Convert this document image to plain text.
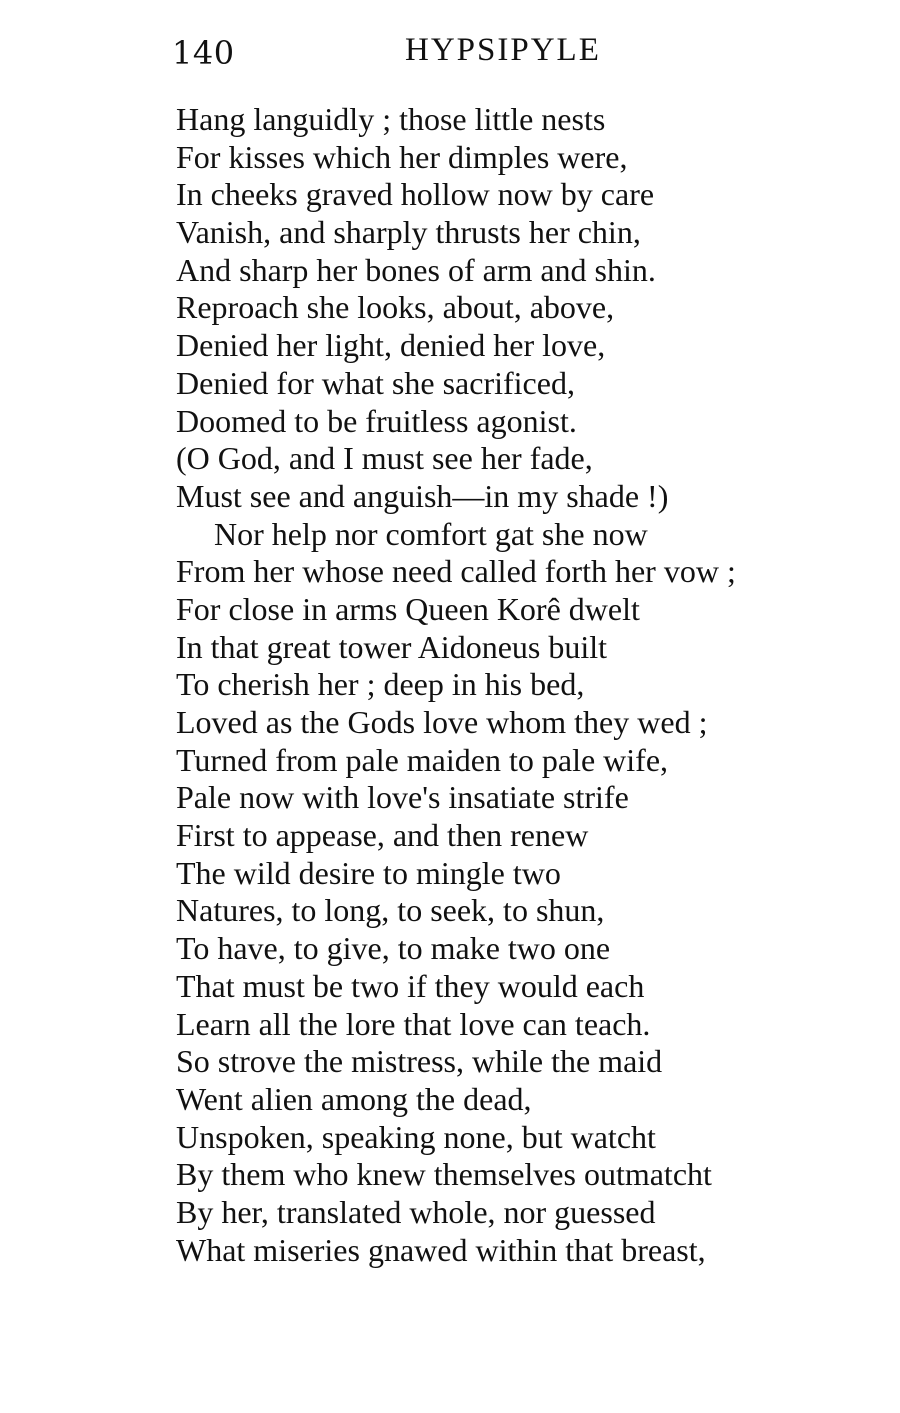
140	HYPSIPYLE
Hang languidly ; those little nests
For kisses which her dimples were,
In cheeks graved hollow now by care
Vanish, and sharply thrusts her chin,
And sharp her bones of arm and shin.
Reproach she looks, about, above,
Denied her light, denied her love,
Denied for what she sacrificed,
Doomed to be fruitless agonist.
(O God, and I must see her fade,
Must see and anguish—in my shade !)
Nor help nor comfort gat she now
From her whose need called forth her vow ;
For close in arms Queen Korê dwelt
In that great tower Aidoneus built
To cherish her ; deep in his bed,
Loved as the Gods love whom they wed ;
Turned from pale maiden to pale wife,
Pale now with love's insatiate strife
First to appease, and then renew
The wild desire to mingle two
Natures, to long, to seek, to shun,
To have, to give, to make two one
That must be two if they would each
Learn all the lore that love can teach.
So strove the mistress, while the maid
Went alien among the dead,
Unspoken, speaking none, but watcht
By them who knew themselves outmatcht
By her, translated whole, nor guessed
What miseries gnawed within that breast,
